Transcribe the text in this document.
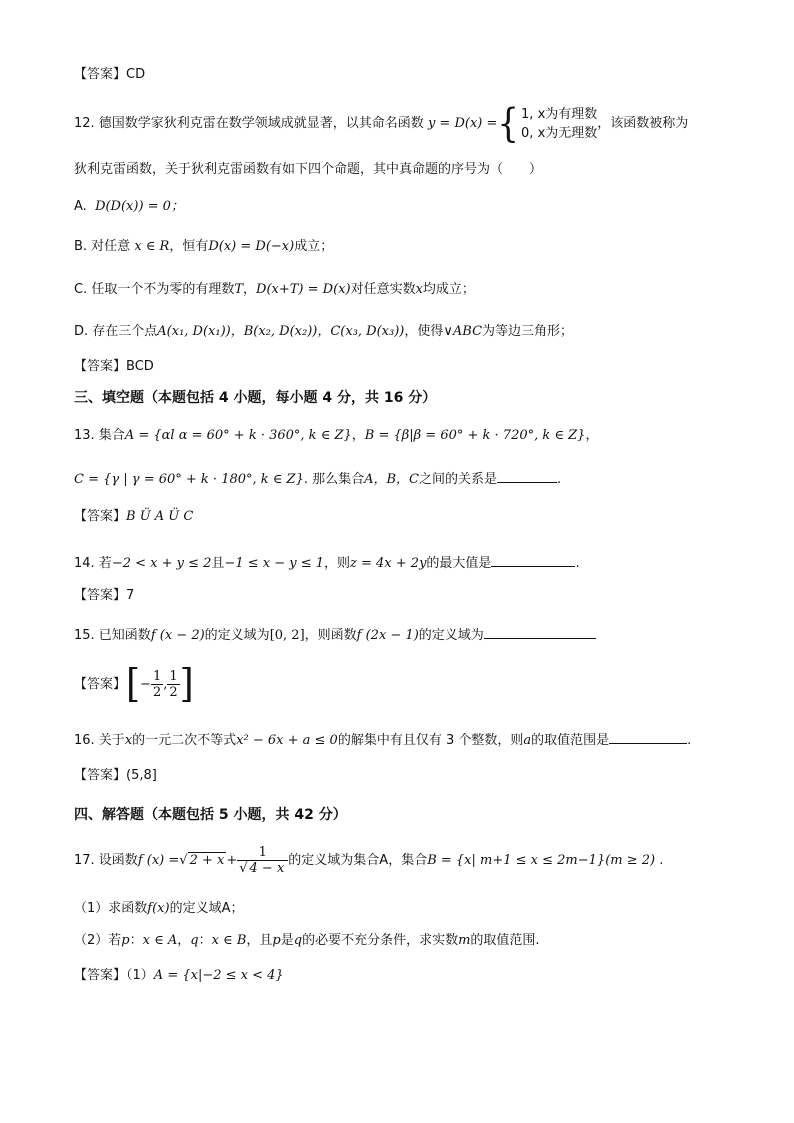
【答案】CD
12. 德国数学家狄利克雷在数学领域成就显著，以其命名函数 y = D(x) ={ 1, x为有理数
0, x为无理数
，该函数被称为
狄利克雷函数，关于狄利克雷函数有如下四个命题，其中真命题的序号为（　　）
A. D(D(x)) = 0；
B. 对任意 x ∈ R，恒有D(x) = D(−x)成立；
C. 任取一个不为零的有理数T，D(x+T) = D(x)对任意实数x均成立；
D. 存在三个点A(x₁, D(x₁))，B(x₂, D(x₂))，C(x₃, D(x₃))，使得∨ABC为等边三角形；
【答案】BCD
三、填空题（本题包括 4 小题，每小题 4 分，共 16 分）
13. 集合A = {αl α = 60° + k · 360°, k ∈ Z}，B = {β|β = 60° + k · 720°, k ∈ Z}，
C = {γ | γ = 60° + k · 180°, k ∈ Z}. 那么集合A，B，C之间的关系是	.
【答案】B Ü A Ü C
14. 若−2 < x + y ≤ 2且−1 ≤ x − y ≤ 1，则z = 4x + 2y的最大值是	.
【答案】7
15. 已知函数f (x − 2)的定义域为[0, 2]，则函数f (2x − 1)的定义域为
【答案】[− $\frac{1}{2}$ , $\frac{1}{2}$ ]
16. 关于x的一元二次不等式x² − 6x + a ≤ 0的解集中有且仅有 3 个整数，则a的取值范围是	.
【答案】(5,8]
四、解答题（本题包括 5 小题，共 42 分）
17. 设函数f (x) =√ $2 + x + \frac{1}{√ 4 - x}$ 的定义域为集合A，集合B = {x| m+1 ≤ x ≤ 2m−1}(m ≥ 2) .
（1）求函数f(x)的定义域A；
（2）若p：x ∈ A，q：x ∈ B，且p是q的必要不充分条件，求实数m的取值范围.
【答案】（1）A = {x|−2 ≤ x < 4}
